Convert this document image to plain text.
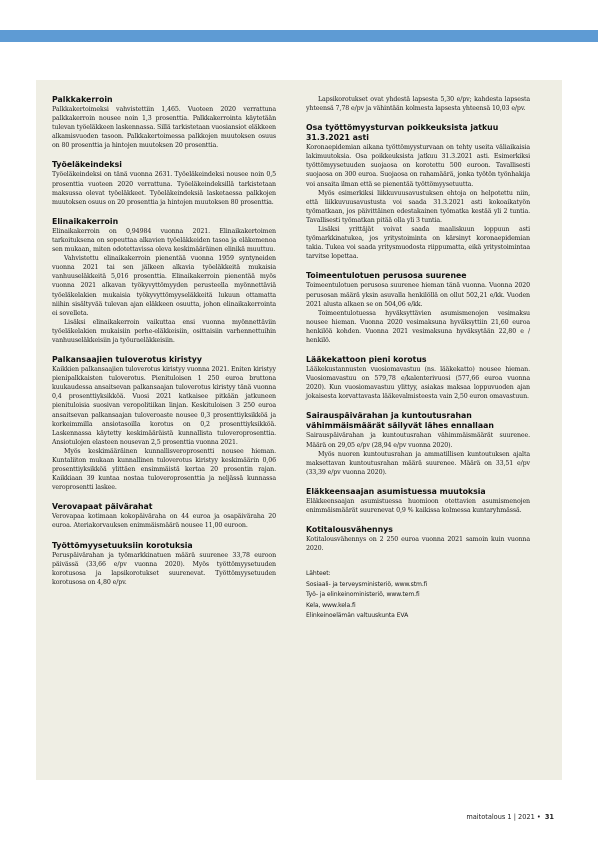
Palkkakerroin

Palkkakertoimeksi vahvistettiin 1,465. Vuoteen 2020 verrattuna palkkakerroin nousee noin 1,3 prosenttia. Palkkakerrointa käytetään tulevan työeläkkeen laskennassa. Sillä tarkistetaan vuosiansiot eläkkeen alkamisvuoden tasoon. Palkkakertoimessa palkkojen muutoksen osuus on 80 prosenttia ja hintojen muutoksen 20 prosenttia.

Työeläkeindeksi

Työeläkeindeksi on tänä vuonna 2631. Työeläkeindeksi nousee noin 0,5 prosenttia vuoteen 2020 verrattuna. Työeläkeindeksillä tarkistetaan maksussa olevat työeläkkeet. Työeläkeindeksiä lasketaessa palkkojen muutoksen osuus on 20 prosenttia ja hintojen muutoksen 80 prosenttia.

Elinaikakerroin

Elinaikakerroin on 0,94984 vuonna 2021. Elinaikakertoimen tarkoituksena on sopeuttaa alkavien työeläkkeiden tasoa ja eläkemenoa sen mukaan, miten odotettavissa oleva keskimääräinen elinikä muuttuu.

Vahvistettu elinaikakerroin pienentää vuonna 1959 syntyneiden vuonna 2021 tai sen jälkeen alkavia työeläkkeitä mukaisia vanhuuseläkkeitä 5,016 prosenttia. Elinaikakerroin pienentää myös vuonna 2021 alkavan työkyvyttömyyden perusteella myönnettäviä työeläkelakien mukaisia työkyvyttömyyseläkkeitä lukuun ottamatta niihin sisältyvää tulevan ajan eläkkeen osuutta, johon elinaikakerrointa ei sovelleta.

Lisäksi elinaikakerroin vaikuttaa ensi vuonna myönnettäviin työeläkelakien mukaisiin perhe-eläkkeisiin, osittaisiin varhennettuihin vanhuuseläkkeisiin ja työuraeläkkeisiin.

Palkansaajien tuloverotus kiristyy

Kaikkien palkansaajien tuloverotus kiristyy vuonna 2021. Eniten kiristyy pienipalkkaisten tuloverotus. Pienituloisen 1 250 euroa bruttona kuukaudessa ansaitsevan palkansaajan tuloverotus kiristyy tänä vuonna 0,4 prosenttiyksikköä. Vuosi 2021 katkaisee pitkään jatkuneen pienituloisia suosivan veropolitiikan linjan. Keskituloisen 3 250 euroa ansaitsevan palkansaajan tuloveroaste nousee 0,3 prosenttiyksikköä ja korkeimmilla ansiotasoilla korotus on 0,2 prosenttiyksikköä. Laskennassa käytetty keskimääräistä kunnallista tuloveroprosenttia. Ansiotulojen elasteen nousevan 2,5 prosenttia vuonna 2021.

Myös keskimääräinen kunnallisveroprosentti nousee hieman. Kuntaliiton mukaan kunnallinen tuloverotus kiristyy keskimäärin 0,06 prosenttiyksikköä ylittäen ensimmäistä kertaa 20 prosentin rajan. Kaikkiaan 39 kuntaa nostaa tuloveroprosenttia ja neljässä kunnassa veroprosentti laskee.

Verovapaat päivärahat

Verovapaa kotimaan kokopäiväraha on 44 euroa ja osapäiväraha 20 euroa. Ateriakorvauksen enimmäismäärä nousee 11,00 euroon.

Työttömyysetuuksiin korotuksia

Peruspäivärahan ja työmarkkinatuen määrä suurenee 33,78 euroon päivässä (33,66 e/pv vuonna 2020). Myös työttömyysetuuden korotusosa ja lapsikorotukset suurenevat. Työttömyysetuuden korotusosa on 4,80 e/pv.

Lapsikorotukset ovat yhdestä lapsesta 5,30 e/pv; kahdesta lapsesta yhteensä 7,78 e/pv ja vähintään kolmesta lapsesta yhteensä 10,03 e/pv.

Osa työttömyysturvan poikkeuksista jatkuu 31.3.2021 asti

Koronaepidemian aikana työttömyysturvaan on tehty useita väliaikaisia lakimuutoksia. Osa poikkeuksista jatkuu 31.3.2021 asti. Esimerkiksi työttömyysetuuden suojaosa on korotettu 500 euroon. Tavallisesti suojaosa on 300 euroa. Suojaosa on rahamäärä, jonka työtön työnhakija voi ansaita ilman että se pienentää työttömyysetuutta.

Myös esimerkiksi liikkuvuusavustuksen ehtoja on helpotettu niin, että liikkuvuusavustusta voi saada 31.3.2021 asti kokoaikatyön työmatkaan, jos päivittäinen edestakainen työmatka kestää yli 2 tuntia. Tavallisesti työmatkan pitää olla yli 3 tuntia.

Lisäksi yrittäjät voivat saada maaliskuun loppuun asti työmarkkinatukea, jos yritystoiminta on kärsinyt koronaepidemian takia. Tukea voi saada yritysmuodosta riippumatta, eikä yritystoimintaa tarvitse lopettaa.

Toimeentulotuen perusosa suurenee

Toimeentulotuen perusosa suurenee hieman tänä vuonna. Vuonna 2020 perusosan määrä yksin asuvalla henkilöllä on ollut 502,21 e/kk. Vuoden 2021 alusta alkaen se on 504,06 e/kk.

Toimeentulotuessa hyväksyttävien asumismenojen vesimaksu nousee hieman. Vuonna 2020 vesimaksuna hyväksyttiin 21,60 euroa henkilöä kohden. Vuonna 2021 vesimaksuna hyväksytään 22,80 e / henkilö.

Lääkekattoon pieni korotus

Lääkekustannusten vuosiomavastuu (ns. lääkekatto) nousee hieman. Vuosiomavastuu on 579,78 e/kalenterivuosi (577,66 euroa vuonna 2020). Kun vuosiomavastuu ylittyy, asiakas maksaa loppuvuoden ajan jokaisesta korvattavasta lääkevalmisteesta vain 2,50 euron omavastuun.

Sairauspäivärahan ja kuntoutusrahan vähimmäismäärät säilyvät lähes ennallaan

Sairauspäivärahan ja kuntoutusrahan vähimmäismäärät suurenee. Määrä on 29,05 e/pv (28,94 e/pv vuonna 2020).

Myös nuoren kuntoutusrahan ja ammatillisen kuntoutuksen ajalta maksettavan kuntoutusrahan määrä suurenee. Määrä on 33,51 e/pv (33,39 e/pv vuonna 2020).

Eläkkeensaajan asumistuessa muutoksia

Eläkkeensaajan asumistuessa huomioon otettavien asumismenojen enimmäismäärät suurenevat 0,9 % kaikissa kolmessa kuntaryhmässä.

Kotitalousvähennys

Kotitalousvähennys on 2 250 euroa vuonna 2021 samoin kuin vuonna 2020.

Lähteet:

Sosiaali- ja terveysministeriö, www.stm.fi

Työ- ja elinkeinoministeriö, www.tem.fi

Kela, www.kela.fi

Elinkeinoelämän valtuuskunta EVA

maitotalous 1 | 2021 • 31
